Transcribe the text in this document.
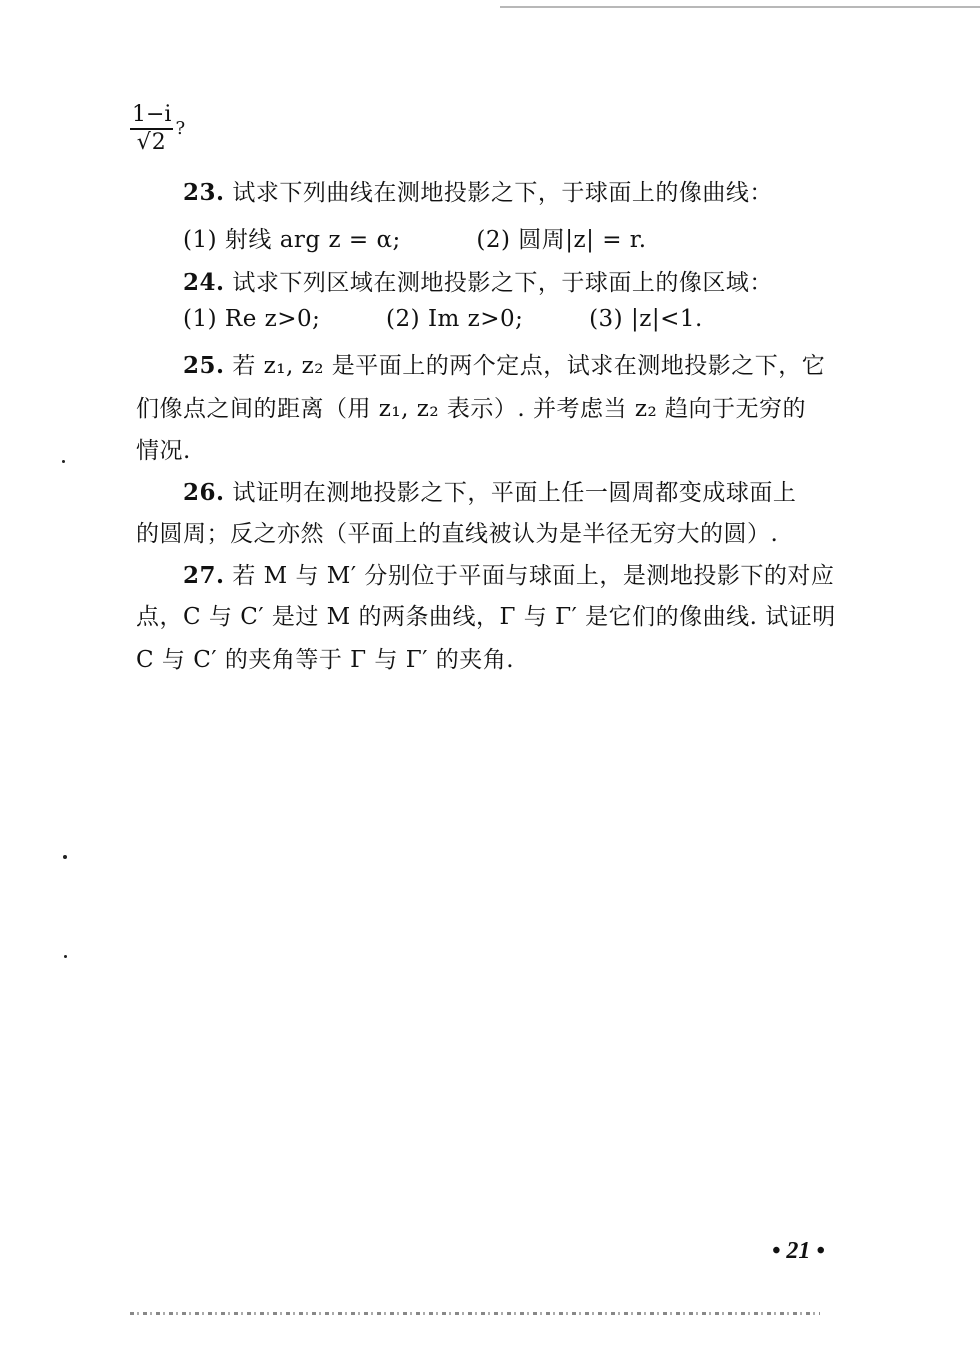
$\frac{1-i}{√2}$ ?
23. 试求下列曲线在测地投影之下，于球面上的像曲线：
(1) 射线 arg z = α;	(2) 圆周|z| = r.
24. 试求下列区域在测地投影之下，于球面上的像区域：
(1) Re z>0;	(2) Im z>0;	(3) |z|<1.
25. 若 z₁, z₂ 是平面上的两个定点，试求在测地投影之下，它
们像点之间的距离（用 z₁, z₂ 表示）. 并考虑当 z₂ 趋向于无穷的
情况.
26. 试证明在测地投影之下，平面上任一圆周都变成球面上
的圆周；反之亦然（平面上的直线被认为是半径无穷大的圆）.
27. 若 M 与 M′ 分别位于平面与球面上，是测地投影下的对应
点，C 与 C′ 是过 M 的两条曲线，Γ 与 Γ′ 是它们的像曲线. 试证明
C 与 C′ 的夹角等于 Γ 与 Γ′ 的夹角.
• 21 •
